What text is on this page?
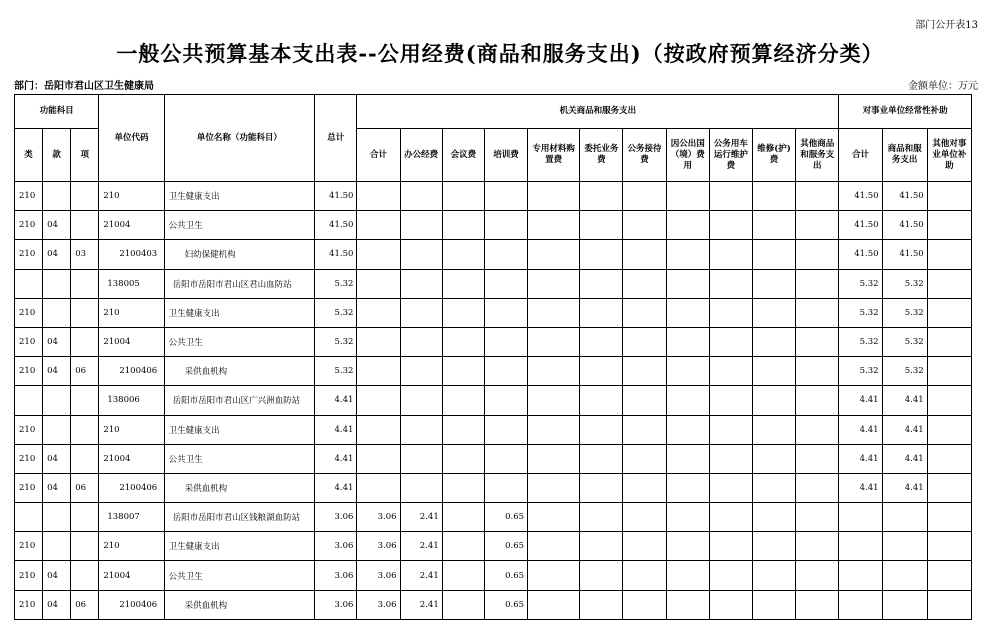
部门公开表13
一般公共预算基本支出表--公用经费(商品和服务支出)（按政府预算经济分类）
部门：岳阳市君山区卫生健康局	金额单位：万元
功能科目			单位代码	单位名称（功能科目）	总计	机关商品和服务支出											对事业单位经常性补助		
类	款	项				合计	办公经费	会议费	培训费	专用材料购置费	委托业务费	公务接待费	因公出国（境）费用	公务用车运行维护费	维修(护)费	其他商品和服务支出	合计	商品和服务支出	其他对事业单位补助
210			210	卫生健康支出	41.50												41.50	41.50	
210	04		21004	公共卫生	41.50												41.50	41.50	
210	04	03	2100403	妇幼保健机构	41.50												41.50	41.50	
			138005	岳阳市岳阳市君山区君山血防站	5.32												5.32	5.32	
210			210	卫生健康支出	5.32												5.32	5.32	
210	04		21004	公共卫生	5.32												5.32	5.32	
210	04	06	2100406	采供血机构	5.32												5.32	5.32	
			138006	岳阳市岳阳市君山区广兴洲血防站	4.41												4.41	4.41	
210			210	卫生健康支出	4.41												4.41	4.41	
210	04		21004	公共卫生	4.41												4.41	4.41	
210	04	06	2100406	采供血机构	4.41												4.41	4.41	
			138007	岳阳市岳阳市君山区钱粮湖血防站	3.06	3.06	2.41		0.65										
210			210	卫生健康支出	3.06	3.06	2.41		0.65										
210	04		21004	公共卫生	3.06	3.06	2.41		0.65										
210	04	06	2100406	采供血机构	3.06	3.06	2.41		0.65										
